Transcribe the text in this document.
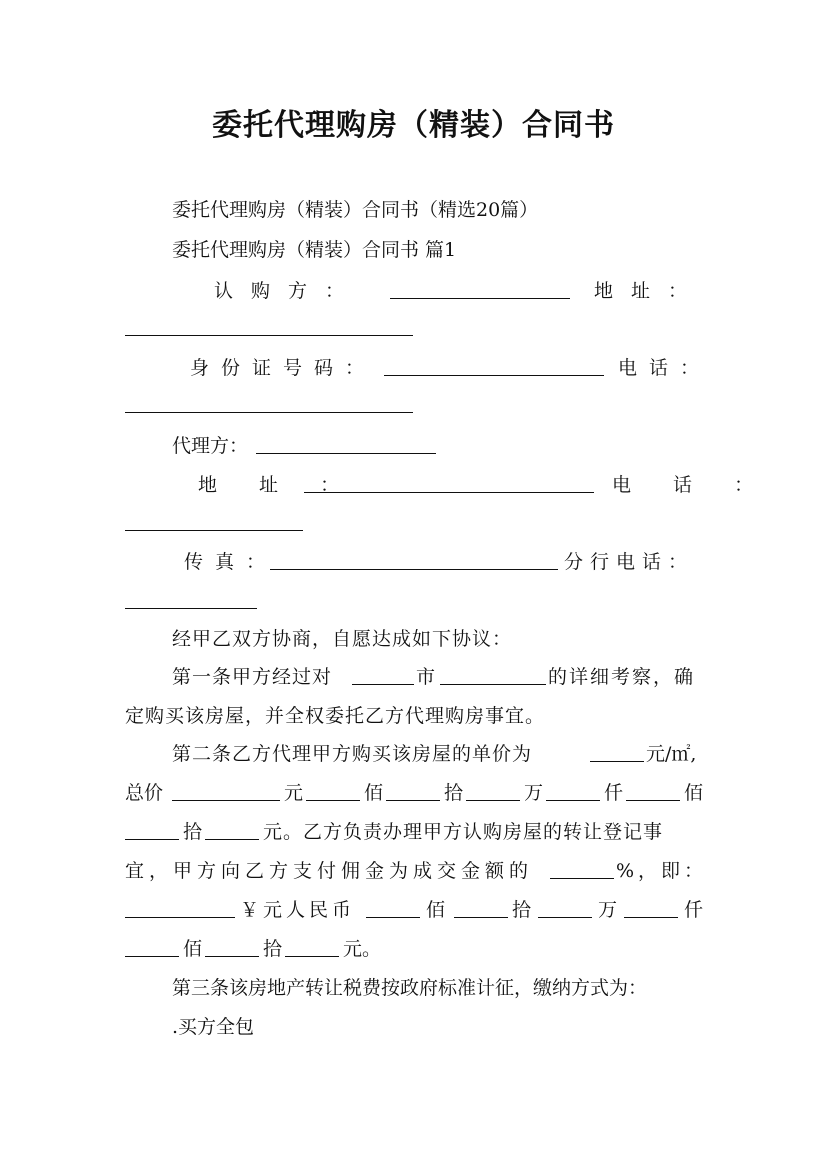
委托代理购房（精装）合同书
委托代理购房（精装）合同书（精选20篇）
委托代理购房（精装）合同书 篇1
认购方：	地址：
身份证号码：	电话：
代理方：
地 址 ：	电 话 ：
传真：	分行电话：
经甲乙双方协商，自愿达成如下协议：
第一条甲方经过对	市	的详细考察，确
定购买该房屋，并全权委托乙方代理购房事宜。
第二条乙方代理甲方购买该房屋的单价为	元/㎡,
总价	元	佰	拾	万	仟	佰
拾	元。乙方负责办理甲方认购房屋的转让登记事
宜，甲方向乙方支付佣金为成交金额的	%，即：
￥元人民币	佰	拾	万	仟
佰	拾	元。
第三条该房地产转让税费按政府标准计征，缴纳方式为：
.买方全包
